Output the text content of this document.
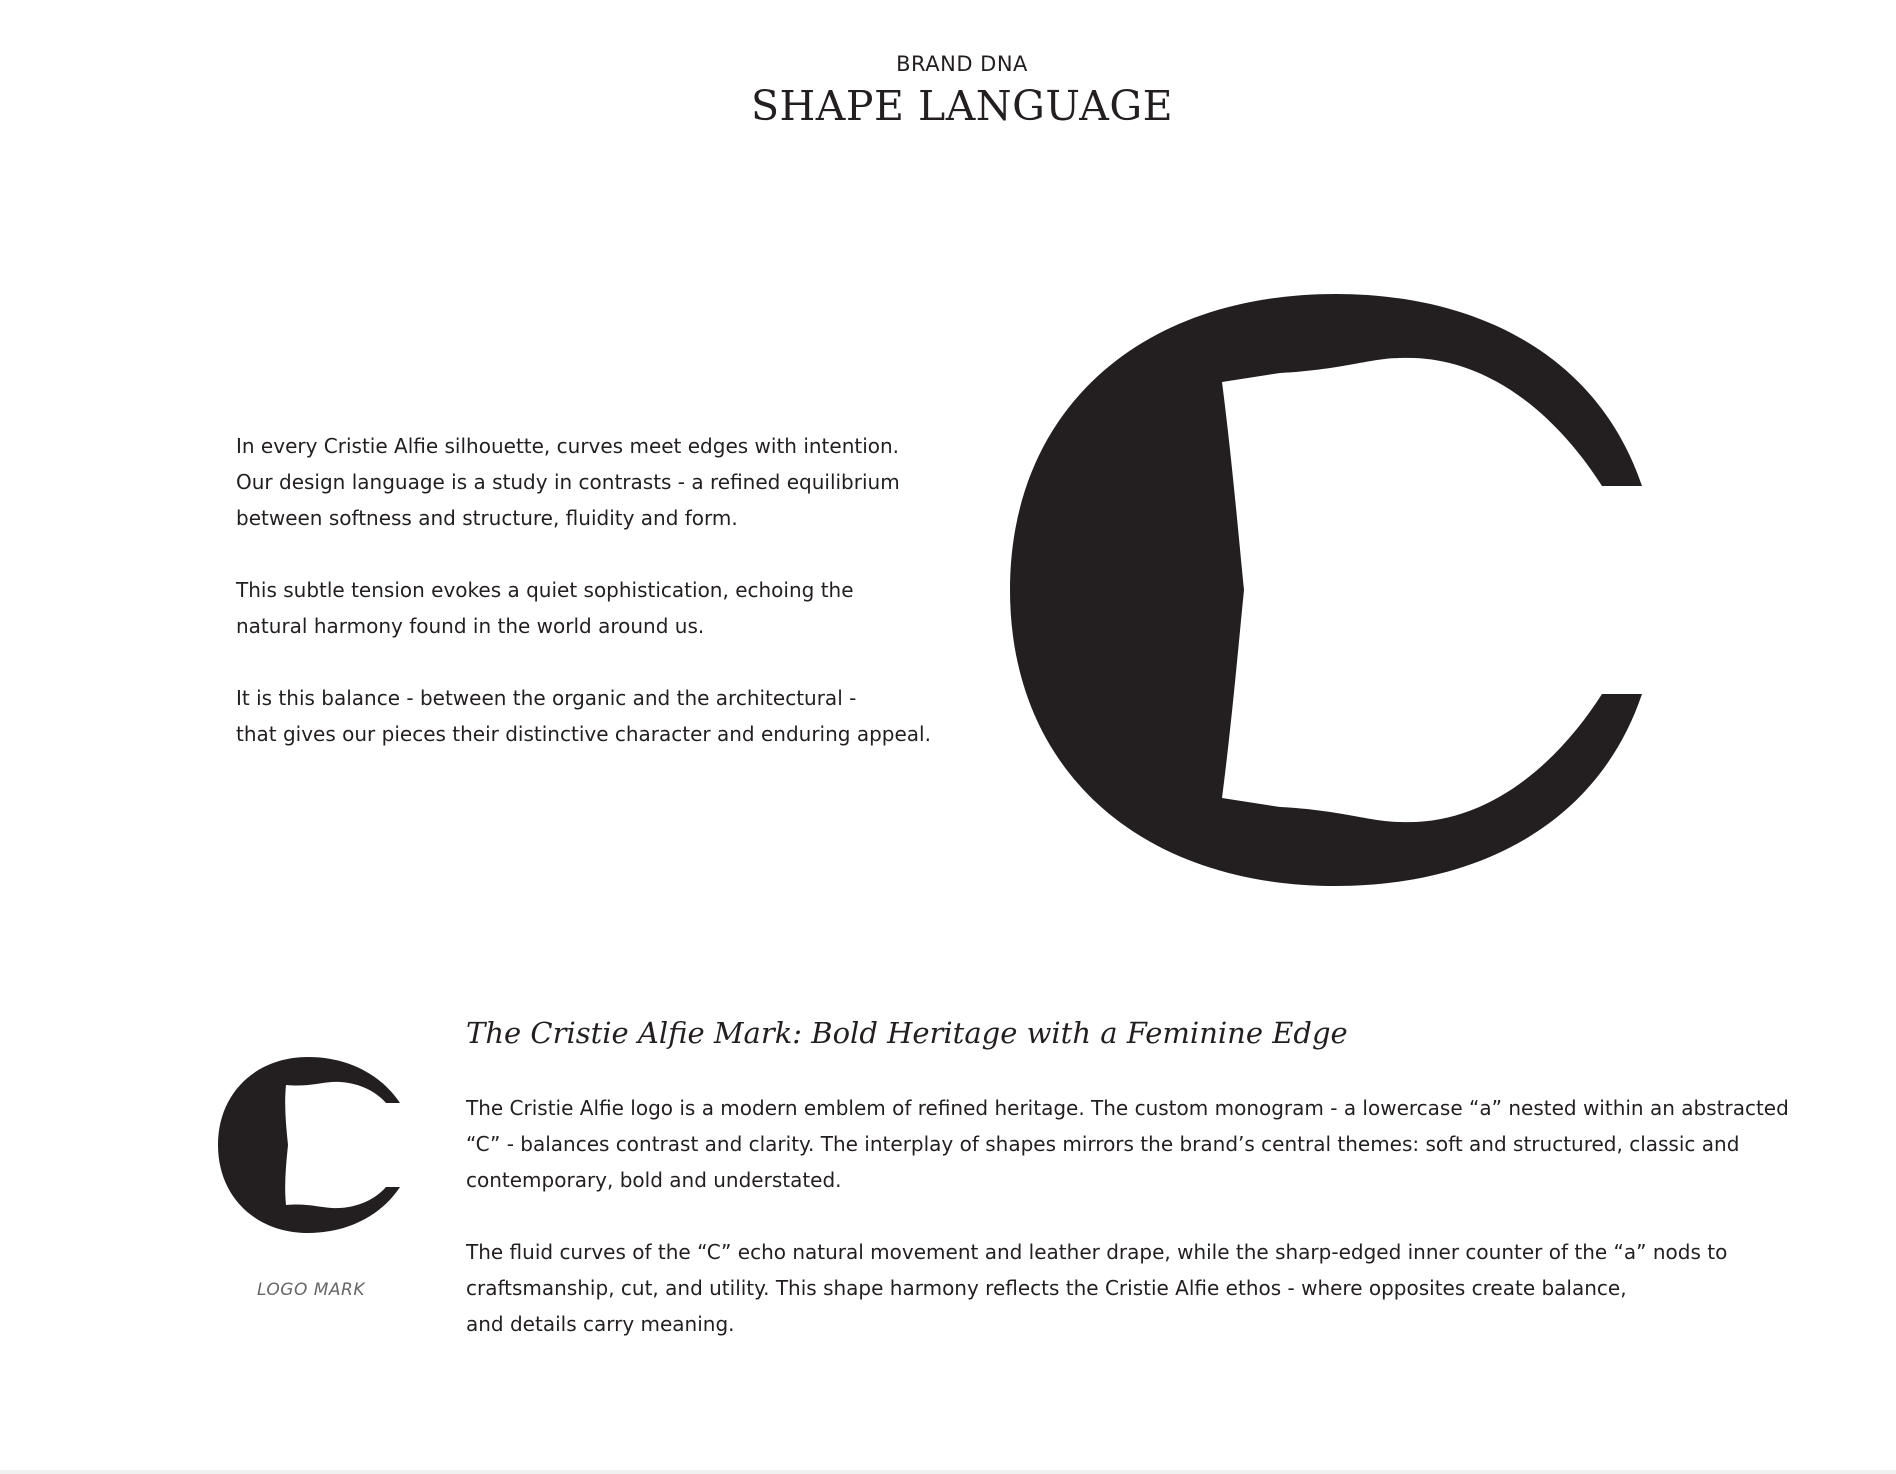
BRAND DNA
SHAPE LANGUAGE

In every Cristie Alfie silhouette, curves meet edges with intention.
Our design language is a study in contrasts - a refined equilibrium
between softness and structure, fluidity and form.

This subtle tension evokes a quiet sophistication, echoing the
natural harmony found in the world around us.

It is this balance - between the organic and the architectural -
that gives our pieces their distinctive character and enduring appeal.

a
LOGO MARK
The Cristie Alfie Mark: Bold Heritage with a Feminine Edge

The Cristie Alfie logo is a modern emblem of refined heritage. The custom monogram - a lowercase “a” nested within an abstracted
“C” - balances contrast and clarity. The interplay of shapes mirrors the brand’s central themes: soft and structured, classic and
contemporary, bold and understated.

The fluid curves of the “C” echo natural movement and leather drape, while the sharp-edged inner counter of the “a” nods to
craftsmanship, cut, and utility. This shape harmony reflects the Cristie Alfie ethos - where opposites create balance,
and details carry meaning.
